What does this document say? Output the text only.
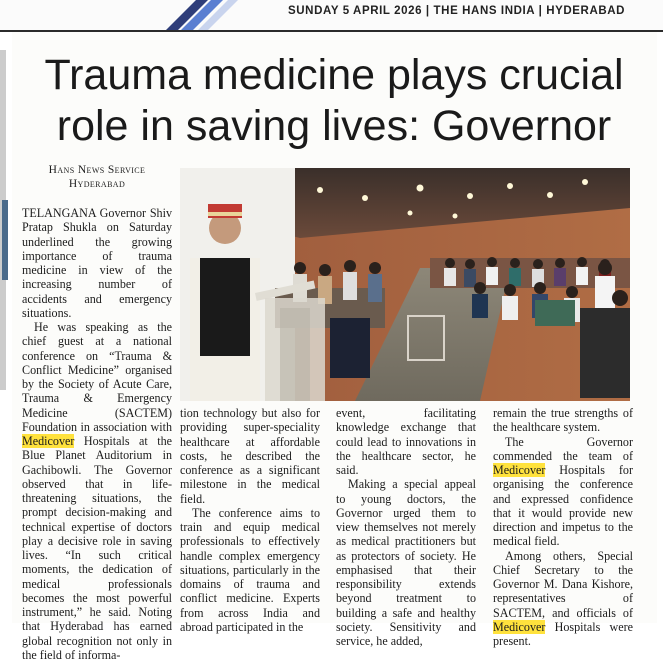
SUNDAY 5 APRIL 2026 | THE HANS INDIA | HYDERABAD
Trauma medicine plays crucial
role in saving lives: Governor
Hans News Service
Hyderabad

TELANGANA Governor Shiv Pratap Shukla on Saturday underlined the growing importance of trauma medicine in view of the increasing number of accidents and emergency situations.

He was speaking as the chief guest at a national conference on “Trauma & Conflict Medicine” organised by the Society of Acute Care, Trauma & Emergency Medicine (SACTEM) Foundation in association with Medicover Hospitals at the Blue Planet Auditorium in Gachibowli. The Governor observed that in life-threatening situations, the prompt decision-making and technical expertise of doctors play a decisive role in saving lives. “In such critical moments, the dedication of medical professionals becomes the most powerful instrument,” he said. Noting that Hyderabad has earned global recognition not only in the field of informa-

tion technology but also for providing super-speciality healthcare at affordable costs, he described the conference as a significant milestone in the medical field.

The conference aims to train and equip medical professionals to effectively handle complex emergency situations, particularly in the domains of trauma and conflict medicine. Experts from across India and abroad participated in the

event, facilitating knowledge exchange that could lead to innovations in the healthcare sector, he said.

Making a special appeal to young doctors, the Governor urged them to view themselves not merely as medical practitioners but as protectors of society. He emphasised that their responsibility extends beyond treatment to building a safe and healthy society. Sensitivity and service, he added,

remain the true strengths of the healthcare system.

The Governor commended the team of Medicover Hospitals for organising the conference and expressed confidence that it would provide new direction and impetus to the medical field.

Among others, Special Chief Secretary to the Governor M. Dana Kishore, representatives of SACTEM, and officials of Medicover Hospitals were present.
